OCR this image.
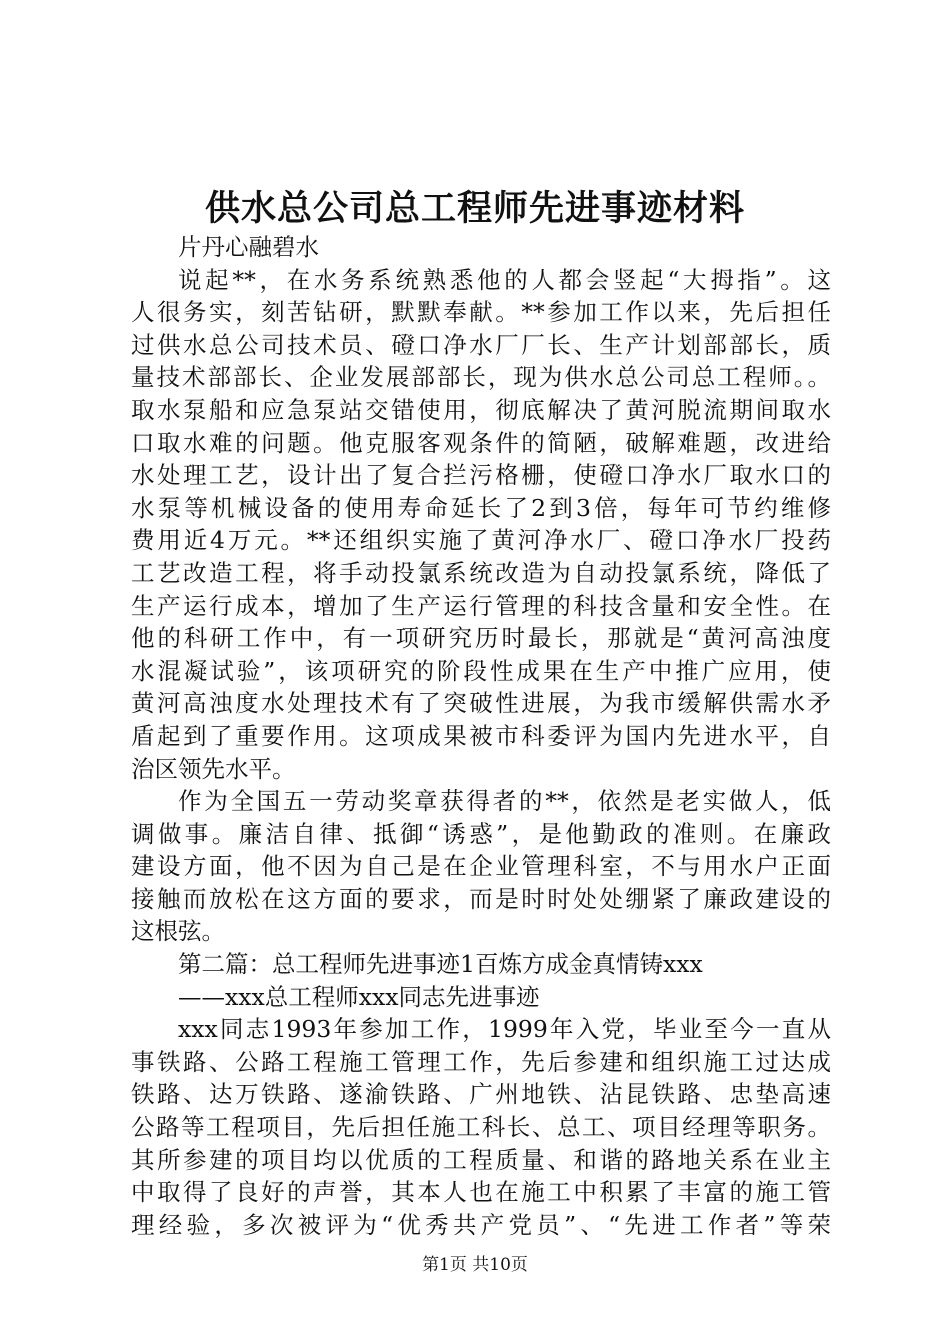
供水总公司总工程师先进事迹材料
片丹心融碧水
说起**，在水务系统熟悉他的人都会竖起“大拇指”。这
人很务实，刻苦钻研，默默奉献。**参加工作以来，先后担任
过供水总公司技术员、磴口净水厂厂长、生产计划部部长，质
量技术部部长、企业发展部部长，现为供水总公司总工程师。。
取水泵船和应急泵站交错使用，彻底解决了黄河脱流期间取水
口取水难的问题。他克服客观条件的简陋，破解难题，改进给
水处理工艺，设计出了复合拦污格栅，使磴口净水厂取水口的
水泵等机械设备的使用寿命延长了2到3倍，每年可节约维修
费用近4万元。**还组织实施了黄河净水厂、磴口净水厂投药
工艺改造工程，将手动投氯系统改造为自动投氯系统，降低了
生产运行成本，增加了生产运行管理的科技含量和安全性。在
他的科研工作中，有一项研究历时最长，那就是“黄河高浊度
水混凝试验”，该项研究的阶段性成果在生产中推广应用，使
黄河高浊度水处理技术有了突破性进展，为我市缓解供需水矛
盾起到了重要作用。这项成果被市科委评为国内先进水平，自
治区领先水平。
作为全国五一劳动奖章获得者的**，依然是老实做人，低
调做事。廉洁自律、抵御“诱惑”，是他勤政的准则。在廉政
建设方面，他不因为自己是在企业管理科室，不与用水户正面
接触而放松在这方面的要求，而是时时处处绷紧了廉政建设的
这根弦。
第二篇：总工程师先进事迹1百炼方成金真情铸xxx
——xxx总工程师xxx同志先进事迹
xxx同志1993年参加工作，1999年入党，毕业至今一直从
事铁路、公路工程施工管理工作，先后参建和组织施工过达成
铁路、达万铁路、遂渝铁路、广州地铁、沾昆铁路、忠垫高速
公路等工程项目，先后担任施工科长、总工、项目经理等职务。
其所参建的项目均以优质的工程质量、和谐的路地关系在业主
中取得了良好的声誉，其本人也在施工中积累了丰富的施工管
理经验，多次被评为“优秀共产党员”、“先进工作者”等荣
第1页 共10页
